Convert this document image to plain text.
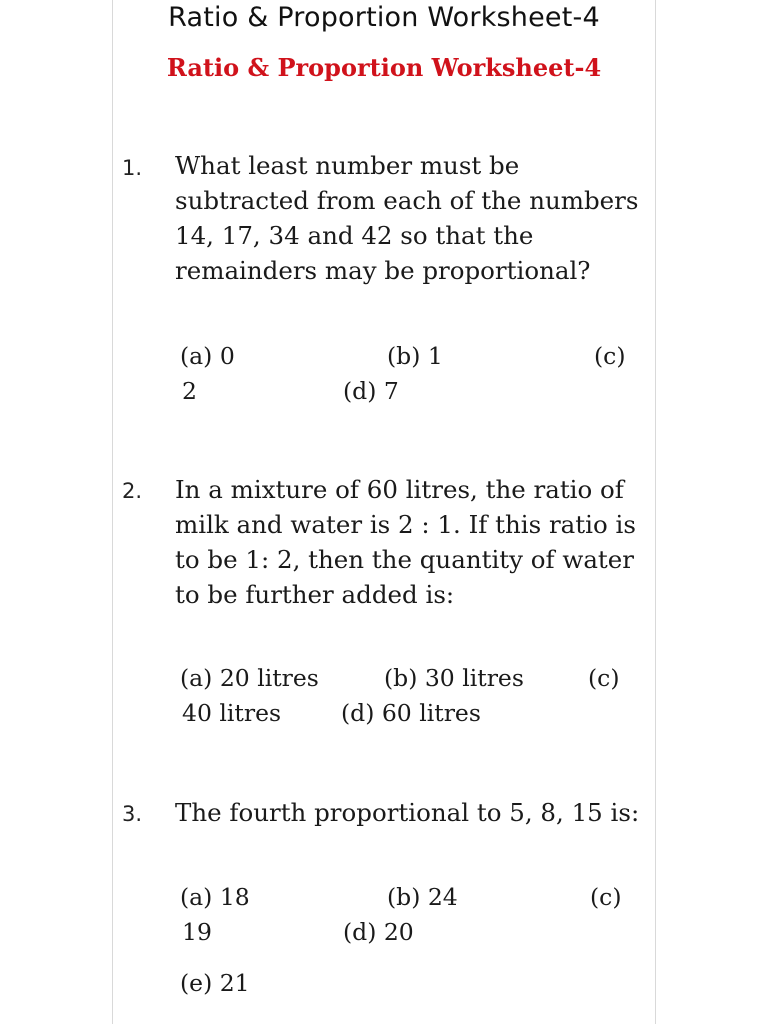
Ratio & Proportion Worksheet-4
Ratio & Proportion Worksheet-4
1. What least number must be subtracted from each of the numbers 14, 17, 34 and 42 so that the remainders may be proportional?
(a) 0	(b) 1	(c)
2	(d) 7
2. In a mixture of 60 litres, the ratio of milk and water is 2 : 1. If this ratio is to be 1: 2, then the quantity of water to be further added is:
(a) 20 litres	(b) 30 litres	(c)
40 litres	(d) 60 litres
3. The fourth proportional to 5, 8, 15 is:
(a) 18	(b) 24	(c)
19	(d) 20
(e) 21
